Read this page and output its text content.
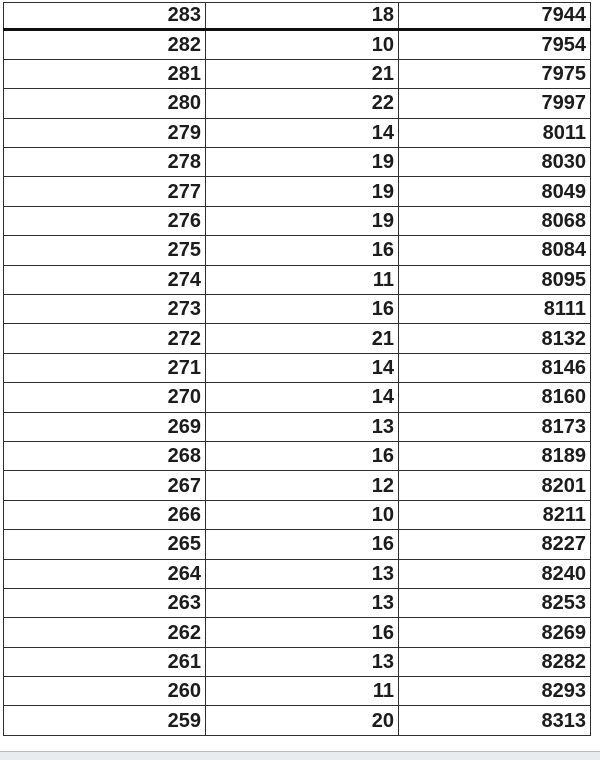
283	18	7944
282	10	7954
281	21	7975
280	22	7997
279	14	8011
278	19	8030
277	19	8049
276	19	8068
275	16	8084
274	11	8095
273	16	8111
272	21	8132
271	14	8146
270	14	8160
269	13	8173
268	16	8189
267	12	8201
266	10	8211
265	16	8227
264	13	8240
263	13	8253
262	16	8269
261	13	8282
260	11	8293
259	20	8313
